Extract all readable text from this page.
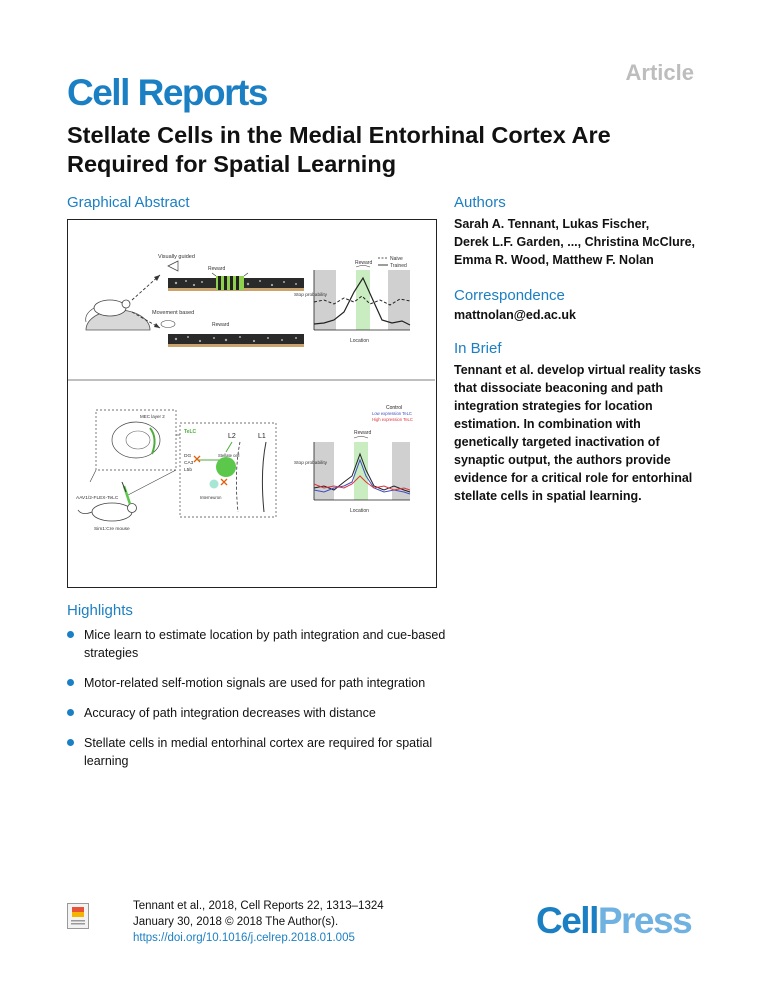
Cell Reports	Article
Stellate Cells in the Medial Entorhinal Cortex Are Required for Spatial Learning
Graphical Abstract
Visually guided
Reward
Movement based
Reward
Reward
Stop probability
Location
Naive
Trained
MEC layer 2
TeLC
L2	L1
DG
CA3
L5b
Stellate cell
Interneuron
AAV1/2-FLEX-TeLC
Sim1:Cre mouse
Reward
Stop probability
Location
Control
Low expression TeLC
High expression TeLC
Highlights
Mice learn to estimate location by path integration and cue-based strategies
Motor-related self-motion signals are used for path integration
Accuracy of path integration decreases with distance
Stellate cells in medial entorhinal cortex are required for spatial learning
Authors
Sarah A. Tennant, Lukas Fischer,
Derek L.F. Garden, ..., Christina McClure,
Emma R. Wood, Matthew F. Nolan
Correspondence
mattnolan@ed.ac.uk
In Brief
Tennant et al. develop virtual reality tasks
that dissociate beaconing and path
integration strategies for location
estimation. In combination with
genetically targeted inactivation of
synaptic output, the authors provide
evidence for a critical role for entorhinal
stellate cells in spatial learning.
Tennant et al., 2018, Cell Reports 22, 1313–1324
January 30, 2018 © 2018 The Author(s).
https://doi.org/10.1016/j.celrep.2018.01.005	CellPress
